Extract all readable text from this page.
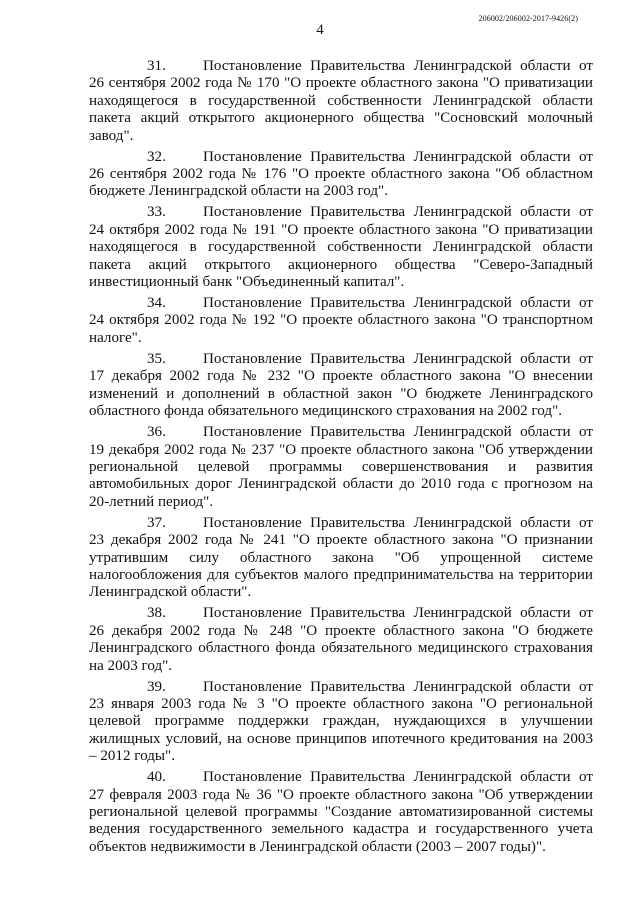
4
206002/206002-2017-9426(2)

31. Постановление Правительства Ленинградской области от 26 сентября 2002 года № 170 "О проекте областного закона "О приватизации находящегося в государственной собственности Ленинградской области пакета акций открытого акционерного общества "Сосновский молочный завод".

32. Постановление Правительства Ленинградской области от 26 сентября 2002 года № 176 "О проекте областного закона "Об областном бюджете Ленинградской области на 2003 год".

33. Постановление Правительства Ленинградской области от 24 октября 2002 года № 191 "О проекте областного закона "О приватизации находящегося в государственной собственности Ленинградской области пакета акций открытого акционерного общества "Северо-Западный инвестиционный банк "Объединенный капитал".

34. Постановление Правительства Ленинградской области от 24 октября 2002 года № 192 "О проекте областного закона "О транспортном налоге".

35. Постановление Правительства Ленинградской области от 17 декабря 2002 года № 232 "О проекте областного закона "О внесении изменений и дополнений в областной закон "О бюджете Ленинградского областного фонда обязательного медицинского страхования на 2002 год".

36. Постановление Правительства Ленинградской области от 19 декабря 2002 года № 237 "О проекте областного закона "Об утверждении региональной целевой программы совершенствования и развития автомобильных дорог Ленинградской области до 2010 года с прогнозом на 20-летний период".

37. Постановление Правительства Ленинградской области от 23 декабря 2002 года № 241 "О проекте областного закона "О признании утратившим силу областного закона "Об упрощенной системе налогообложения для субъектов малого предпринимательства на территории Ленинградской области".

38. Постановление Правительства Ленинградской области от 26 декабря 2002 года № 248 "О проекте областного закона "О бюджете Ленинградского областного фонда обязательного медицинского страхования на 2003 год".

39. Постановление Правительства Ленинградской области от 23 января 2003 года № 3 "О проекте областного закона "О региональной целевой программе поддержки граждан, нуждающихся в улучшении жилищных условий, на основе принципов ипотечного кредитования на 2003 – 2012 годы".

40. Постановление Правительства Ленинградской области от 27 февраля 2003 года № 36 "О проекте областного закона "Об утверждении региональной целевой программы "Создание автоматизированной системы ведения государственного земельного кадастра и государственного учета объектов недвижимости в Ленинградской области (2003 – 2007 годы)".
